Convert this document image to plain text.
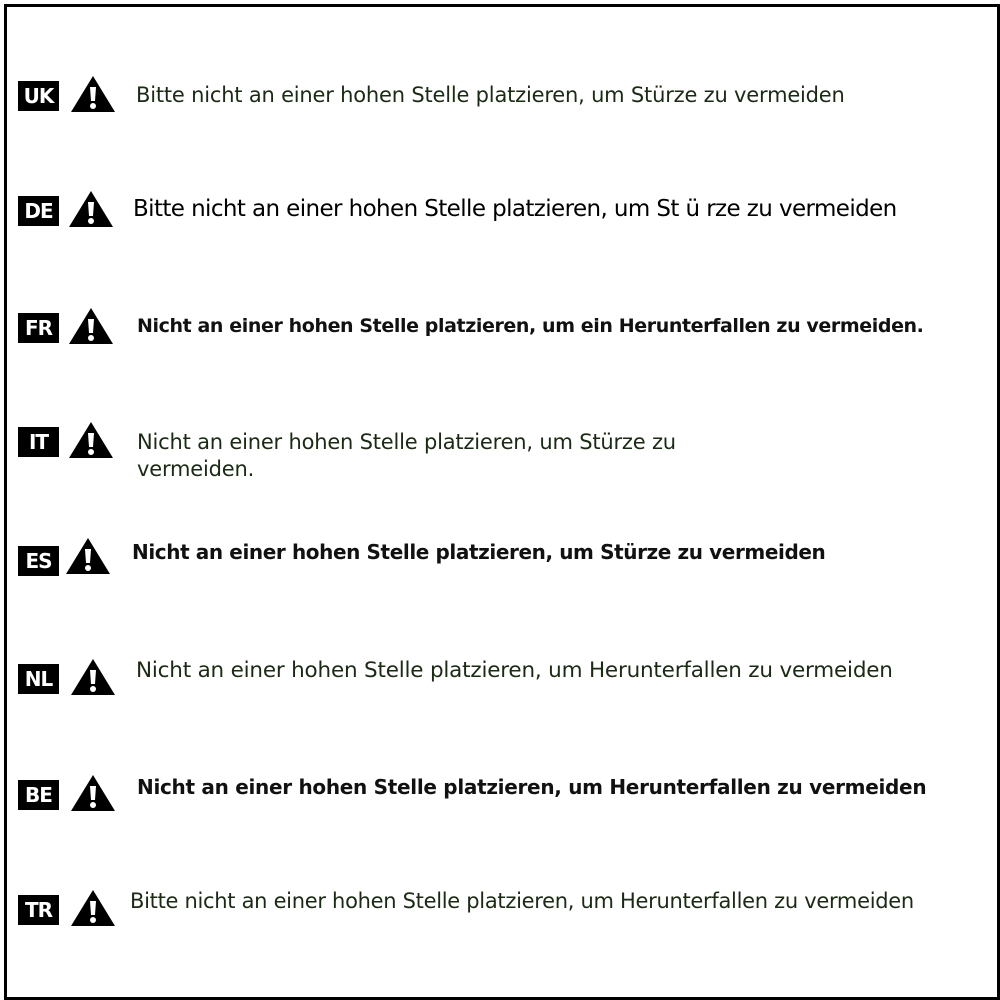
UK	Bitte nicht an einer hohen Stelle platzieren, um Stürze zu vermeiden
DE	Bitte nicht an einer hohen Stelle platzieren, um St ü rze zu vermeiden
FR	Nicht an einer hohen Stelle platzieren, um ein Herunterfallen zu vermeiden.
IT	Nicht an einer hohen Stelle platzieren, um Stürze zu vermeiden.
ES	Nicht an einer hohen Stelle platzieren, um Stürze zu vermeiden
NL	Nicht an einer hohen Stelle platzieren, um Herunterfallen zu vermeiden
BE	Nicht an einer hohen Stelle platzieren, um Herunterfallen zu vermeiden
TR	Bitte nicht an einer hohen Stelle platzieren, um Herunterfallen zu vermeiden
